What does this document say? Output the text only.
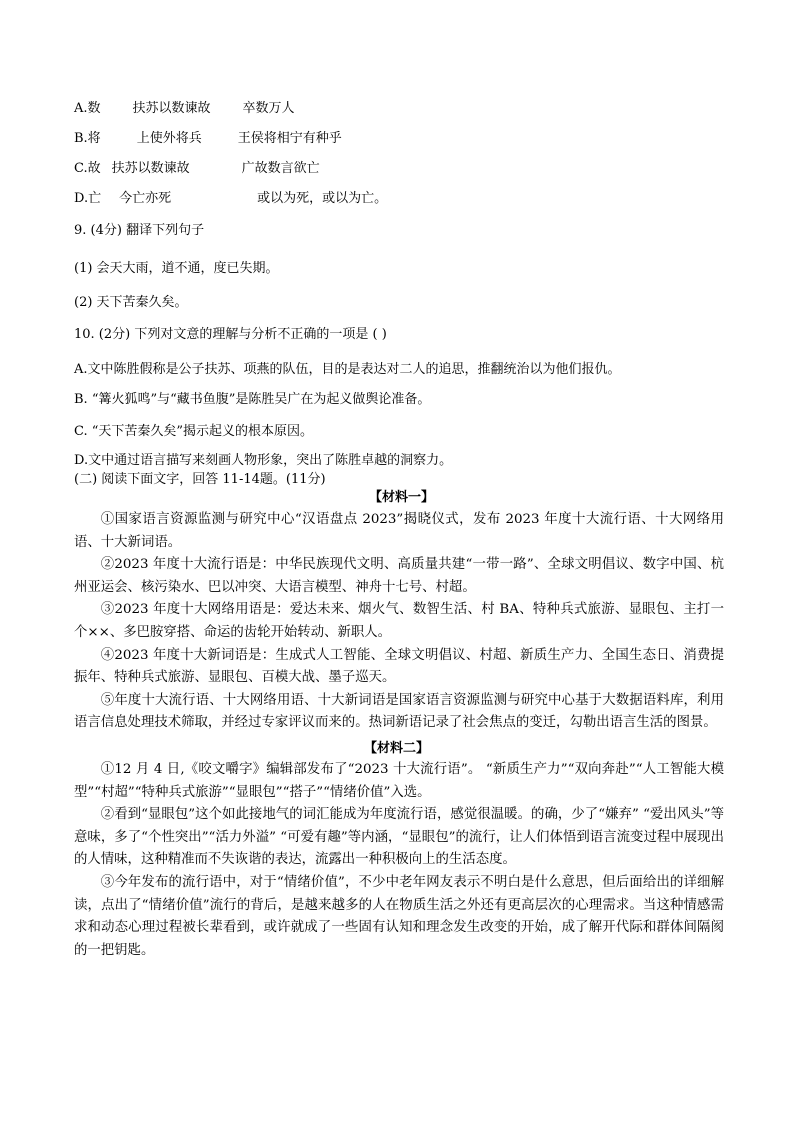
A.数 扶苏以数谏故 卒数万人
B.将	上使外将兵	王侯将相宁有种乎
C.故 扶苏以数谏故	广故数言欲亡
D.亡 今亡亦死	或以为死，或以为亡。
9. (4分) 翻译下列句子
(1) 会天大雨，道不通，度已失期。
(2) 天下苦秦久矣。
10. (2分) 下列对文意的理解与分析不正确的一项是 ( )
A.文中陈胜假称是公子扶苏、项燕的队伍，目的是表达对二人的追思，推翻统治以为他们报仇。
B. “篝火狐鸣”与“藏书鱼腹”是陈胜吴广在为起义做舆论准备。
C. “天下苦秦久矣”揭示起义的根本原因。
D.文中通过语言描写来刻画人物形象，突出了陈胜卓越的洞察力。
(二) 阅读下面文字，回答 11-14题。(11分)
【材料一】

①国家语言资源监测与研究中心“汉语盘点 2023”揭晓仪式，发布 2023 年度十大流行语、十大网络用语、十大新词语。

②2023 年度十大流行语是：中华民族现代文明、高质量共建“一带一路”、全球文明倡议、数字中国、杭州亚运会、核污染水、巴以冲突、大语言模型、神舟十七号、村超。

③2023 年度十大网络用语是：爱达未来、烟火气、数智生活、村 BA、特种兵式旅游、显眼包、主打一个××、多巴胺穿搭、命运的齿轮开始转动、新职人。

④2023 年度十大新词语是：生成式人工智能、全球文明倡议、村超、新质生产力、全国生态日、消费提振年、特种兵式旅游、显眼包、百模大战、墨子巡天。

⑤年度十大流行语、十大网络用语、十大新词语是国家语言资源监测与研究中心基于大数据语料库，利用语言信息处理技术筛取，并经过专家评议而来的。热词新语记录了社会焦点的变迁，勾勒出语言生活的图景。

【材料二】

①12 月 4 日,《咬文嚼字》编辑部发布了“2023 十大流行语”。 “新质生产力”“双向奔赴”“人工智能大模型”“村超”“特种兵式旅游”“显眼包”“搭子”“情绪价值”入选。

②看到“显眼包”这个如此接地气的词汇能成为年度流行语，感觉很温暖。的确，少了“嫌弃” “爱出风头”等意味，多了“个性突出”“活力外溢” “可爱有趣”等内涵，“显眼包”的流行，让人们体悟到语言流变过程中展现出的人情味，这种精准而不失诙谐的表达，流露出一种积极向上的生活态度。

③今年发布的流行语中，对于“情绪价值”，不少中老年网友表示不明白是什么意思，但后面给出的详细解读，点出了“情绪价值”流行的背后，是越来越多的人在物质生活之外还有更高层次的心理需求。当这种情感需求和动态心理过程被长辈看到，或许就成了一些固有认知和理念发生改变的开始，成了解开代际和群体间隔阂的一把钥匙。
